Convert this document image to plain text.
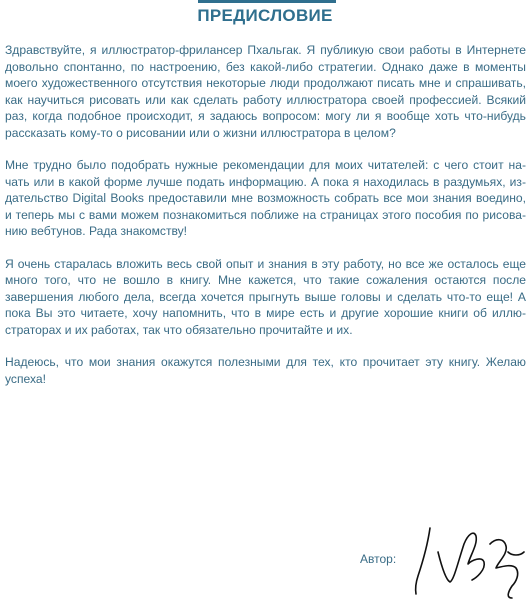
ПРЕДИСЛОВИЕ

Здравствуйте, я иллюстратор-фрилансер Пхальгак. Я публикую свои работы в Интернете довольно спонтанно, по настроению, без какой-либо стратегии. Однако даже в моменты моего художественного отсутствия некоторые люди продолжают писать мне и спрашивать, как научиться рисовать или как сделать работу иллюстратора своей профессией. Всякий раз, когда подобное происходит, я задаюсь вопросом: могу ли я вообще хоть что-нибудь рассказать кому-то о рисовании или о жизни иллюстратора в целом?

Мне трудно было подобрать нужные рекомендации для моих читателей: с чего стоит начать или в какой форме лучше подать информацию. А пока я находилась в раздумьях, издательство Digital Books предоставили мне возможность собрать все мои знания воедино, и теперь мы с вами можем познакомиться поближе на страницах этого пособия по рисованию вебтунов. Рада знакомству!

Я очень старалась вложить весь свой опыт и знания в эту работу, но все же осталось еще много того, что не вошло в книгу. Мне кажется, что такие сожаления остаются после завершения любого дела, всегда хочется прыгнуть выше головы и сделать что-то еще! А пока Вы это читаете, хочу напомнить, что в мире есть и другие хорошие книги об иллюстраторах и их работах, так что обязательно прочитайте и их.

Надеюсь, что мои знания окажутся полезными для тех, кто прочитает эту книгу. Желаю успеха!

Автор:
